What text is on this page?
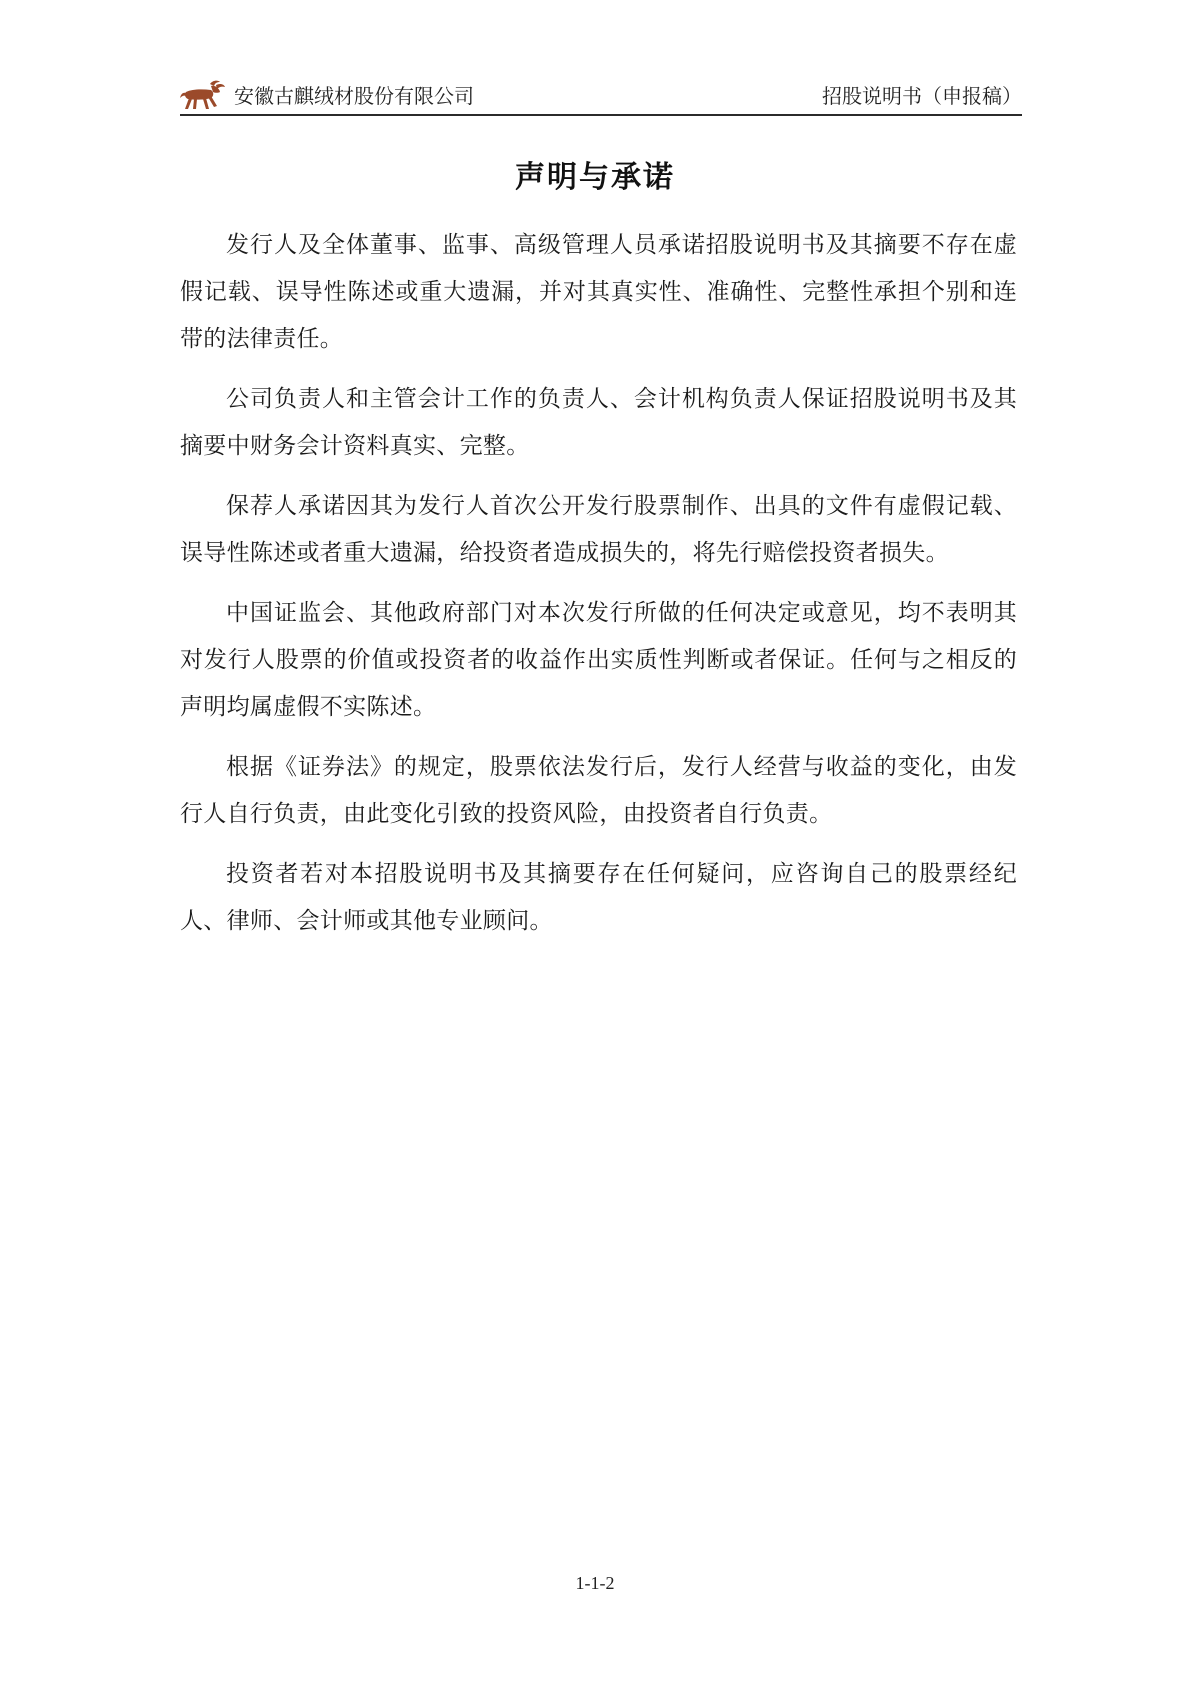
安徽古麒绒材股份有限公司	招股说明书（申报稿）
声明与承诺

发行人及全体董事、监事、高级管理人员承诺招股说明书及其摘要不存在虚假记载、误导性陈述或重大遗漏，并对其真实性、准确性、完整性承担个别和连带的法律责任。

公司负责人和主管会计工作的负责人、会计机构负责人保证招股说明书及其摘要中财务会计资料真实、完整。

保荐人承诺因其为发行人首次公开发行股票制作、出具的文件有虚假记载、误导性陈述或者重大遗漏，给投资者造成损失的，将先行赔偿投资者损失。

中国证监会、其他政府部门对本次发行所做的任何决定或意见，均不表明其对发行人股票的价值或投资者的收益作出实质性判断或者保证。任何与之相反的声明均属虚假不实陈述。

根据《证券法》的规定，股票依法发行后，发行人经营与收益的变化，由发行人自行负责，由此变化引致的投资风险，由投资者自行负责。

投资者若对本招股说明书及其摘要存在任何疑问，应咨询自己的股票经纪人、律师、会计师或其他专业顾问。

1-1-2
